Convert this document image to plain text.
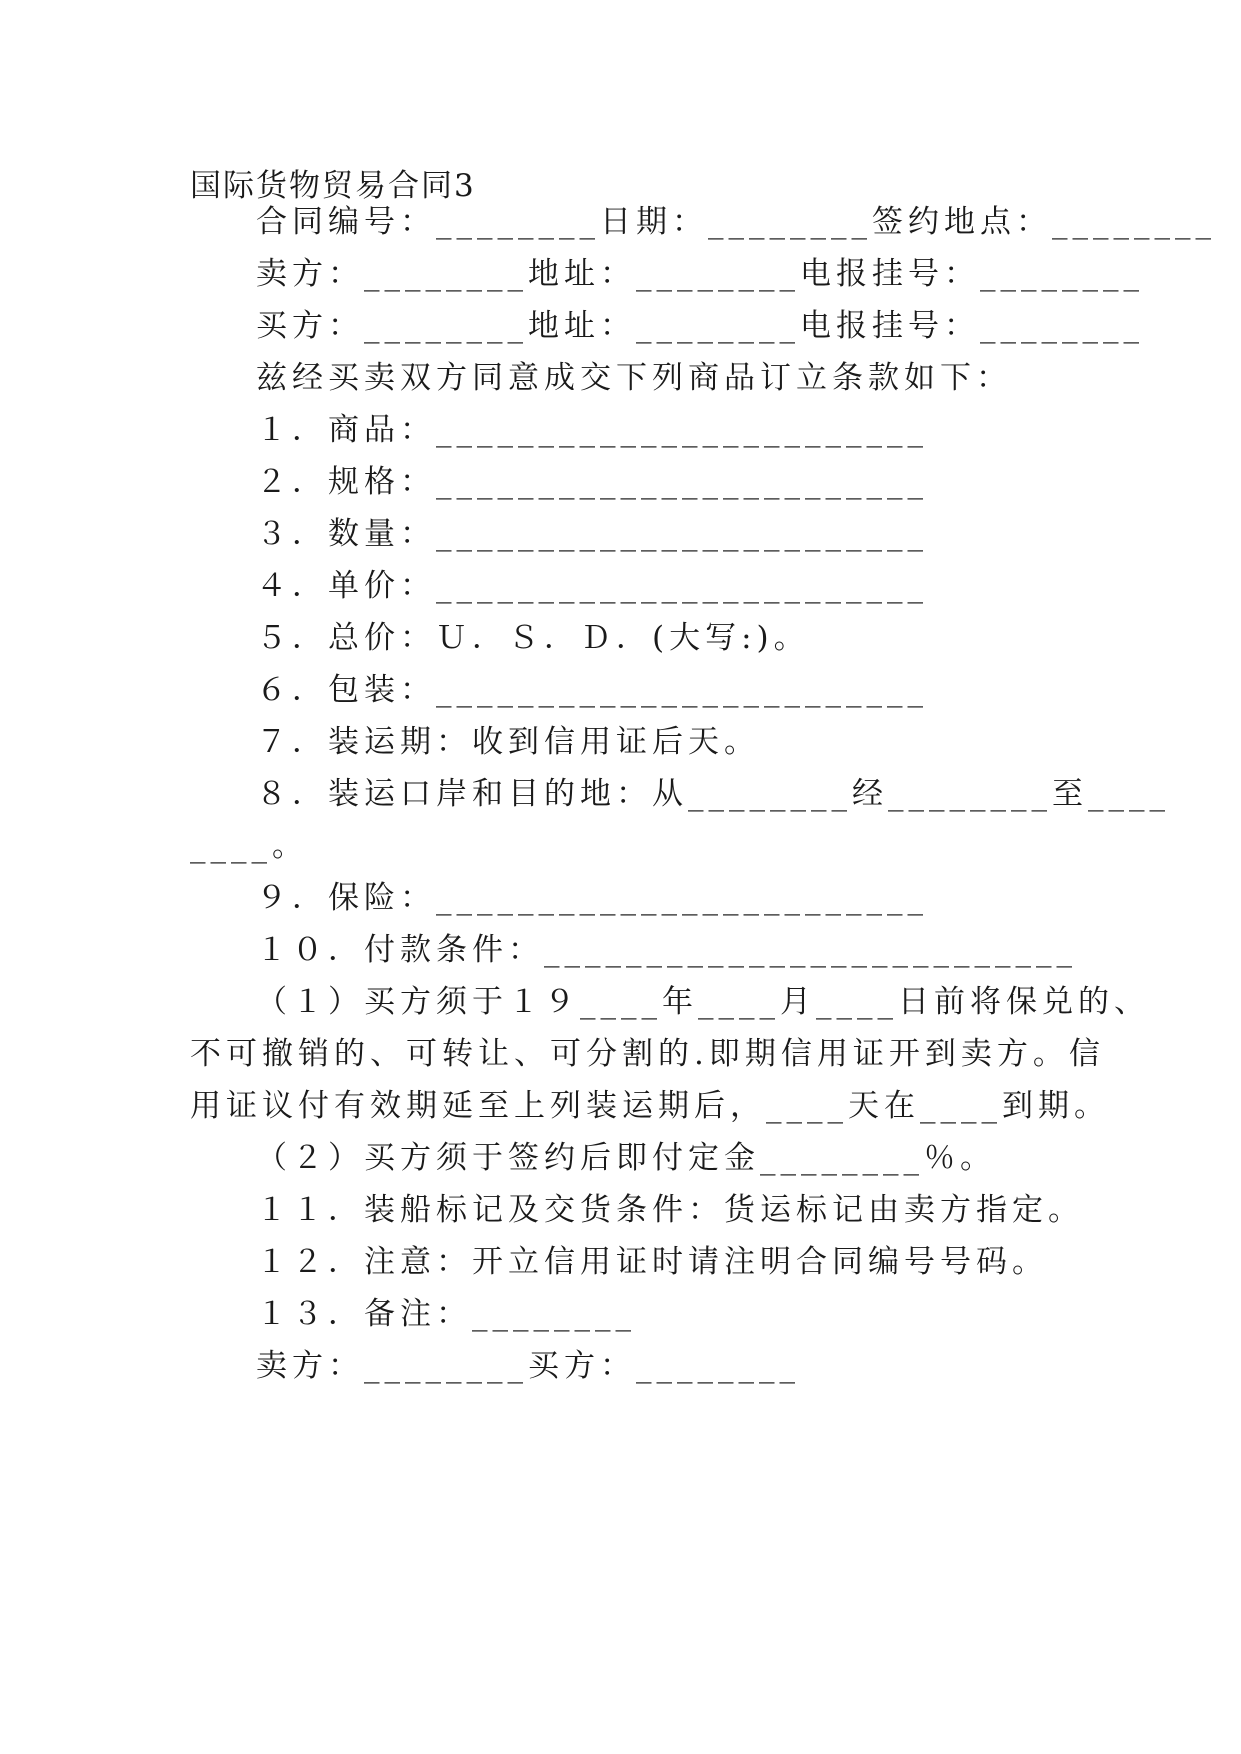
国际货物贸易合同3
合同编号：________日期：________签约地点：________
卖方：________地址：________电报挂号：________
买方：________地址：________电报挂号：________
兹经买卖双方同意成交下列商品订立条款如下：
１．商品：________________________
２．规格：________________________
３．数量：________________________
４．单价：________________________
５．总价：Ｕ．Ｓ．Ｄ．(大写:)。
６．包装：________________________
７．装运期：收到信用证后天。
８．装运口岸和目的地：从________经________至____
____。
９．保险：________________________
１０．付款条件：__________________________
（１）买方须于１９____年____月____日前将保兑的、
不可撤销的、可转让、可分割的.即期信用证开到卖方。信
用证议付有效期延至上列装运期后，____天在____到期。
（２）买方须于签约后即付定金________％。
１１．装船标记及交货条件：货运标记由卖方指定。
１２．注意：开立信用证时请注明合同编号号码。
１３．备注：________
卖方：________买方：________
